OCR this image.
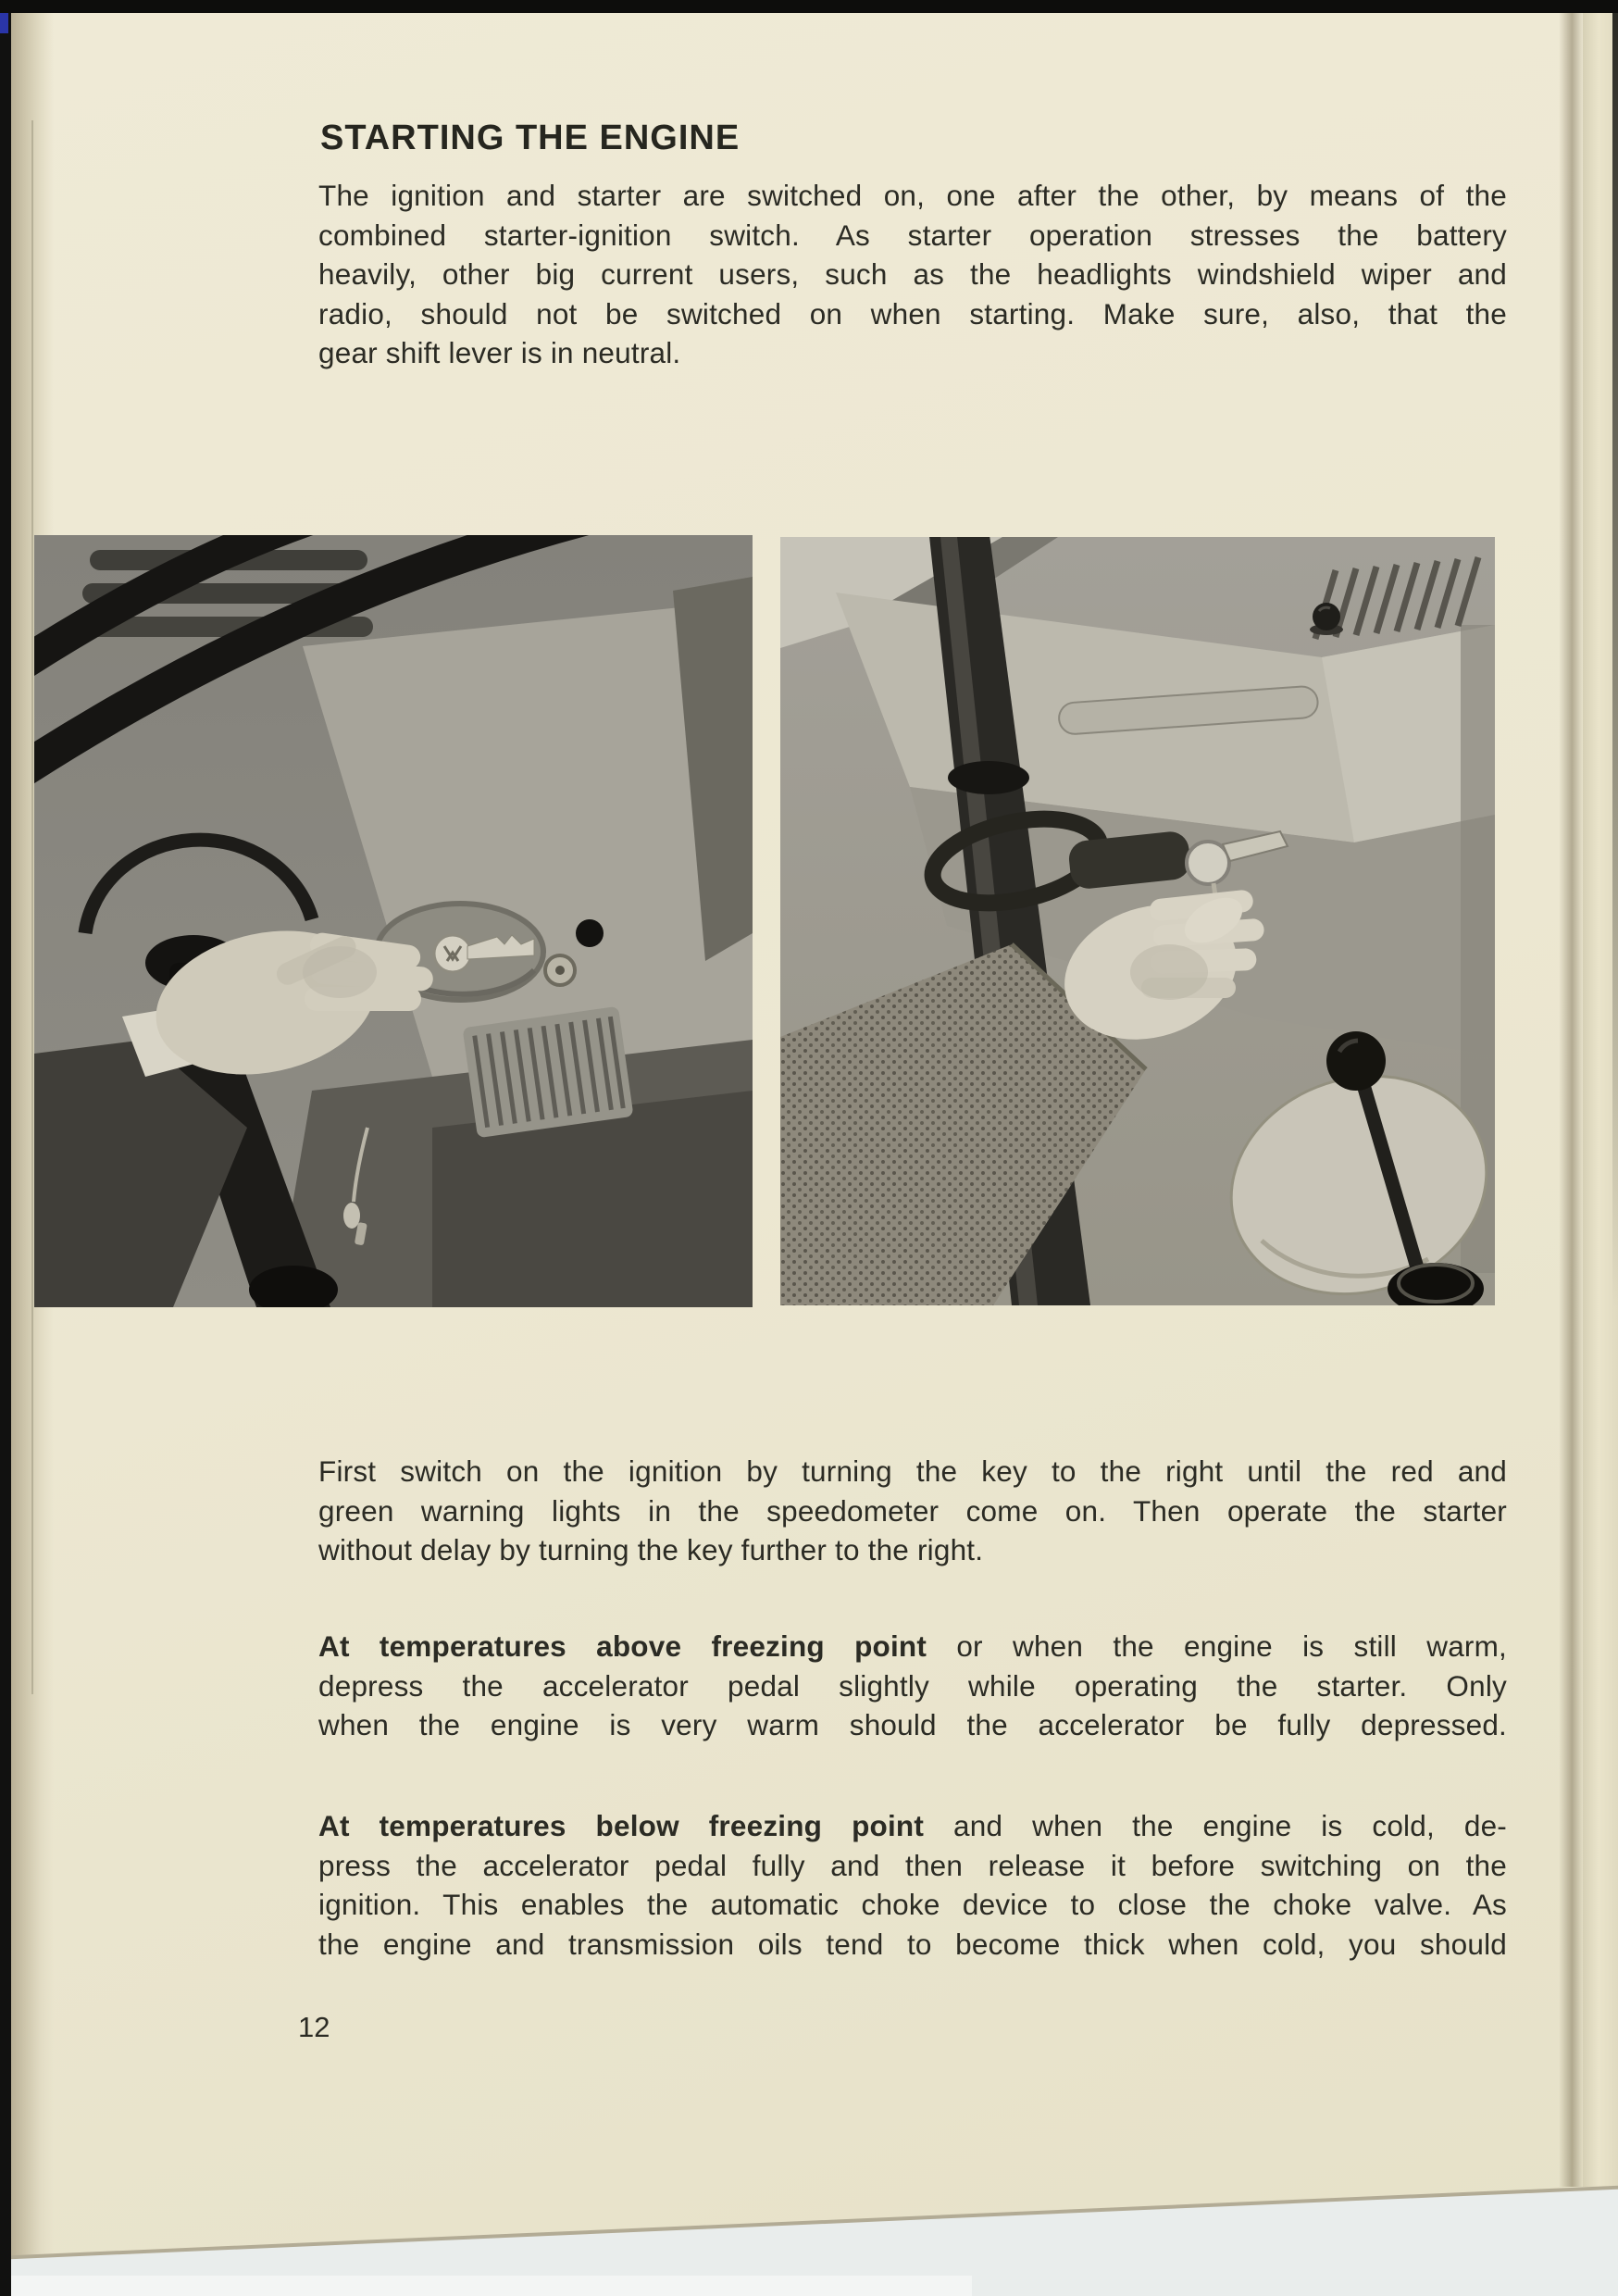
STARTING THE ENGINE
The ignition and starter are switched on, one after the other, by means of the
combined starter-ignition switch. As starter operation stresses the battery
heavily, other big current users, such as the headlights windshield wiper and
radio, should not be switched on when starting. Make sure, also, that the
gear shift lever is in neutral.
First switch on the ignition by turning the key to the right until the red and
green warning lights in the speedometer come on. Then operate the starter
without delay by turning the key further to the right.
At temperatures above freezing point or when the engine is still warm,
depress the accelerator pedal slightly while operating the starter. Only
when the engine is very warm should the accelerator be fully depressed.
At temperatures below freezing point and when the engine is cold, de-
press the accelerator pedal fully and then release it before switching on the
ignition. This enables the automatic choke device to close the choke valve. As
the engine and transmission oils tend to become thick when cold, you should
12
